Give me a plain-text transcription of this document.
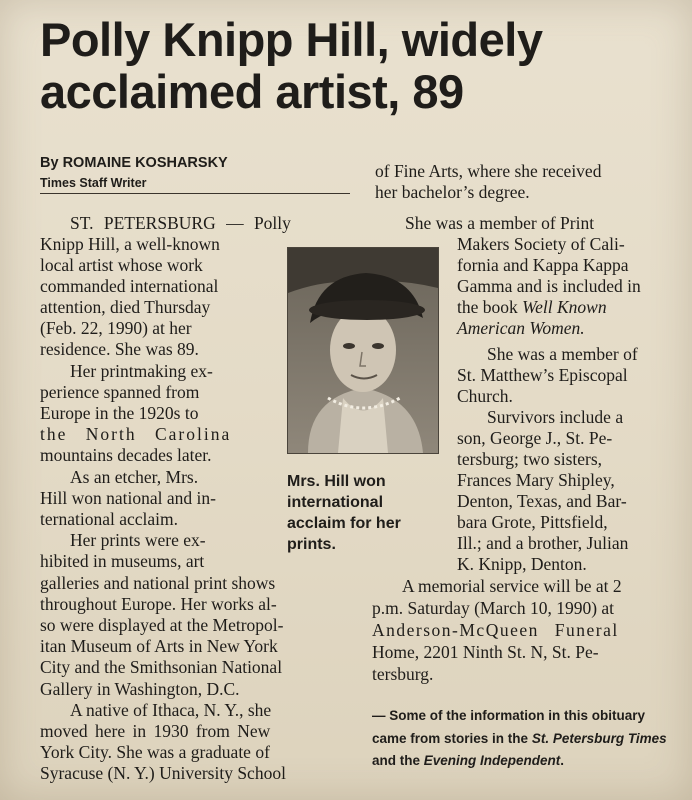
Polly Knipp Hill, widely
acclaimed artist, 89
By ROMAINE KOSHARSKY
Times Staff Writer
ST. PETERSBURG — Polly
Knipp Hill, a well-known
local artist whose work
commanded international
attention, died Thursday
(Feb. 22, 1990) at her
residence. She was 89.
Her printmaking ex-
perience spanned from
Europe in the 1920s to
the North Carolina
mountains decades later.
As an etcher, Mrs.
Hill won national and in-
ternational acclaim.
Her prints were ex-
hibited in museums, art
galleries and national print shows
throughout Europe. Her works al-
so were displayed at the Metropol-
itan Museum of Arts in New York
City and the Smithsonian National
Gallery in Washington, D.C.
A native of Ithaca, N. Y., she
moved here in 1930 from New
York City. She was a graduate of
Syracuse (N. Y.) University School
Mrs. Hill won international acclaim for her prints.
of Fine Arts, where she received
her bachelor’s degree.
She was a member of Print
Makers Society of Cali-
fornia and Kappa Kappa
Gamma and is included in
the book Well Known
American Women.
She was a member of
St. Matthew’s Episcopal
Church.
Survivors include a
son, George J., St. Pe-
tersburg; two sisters,
Frances Mary Shipley,
Denton, Texas, and Bar-
bara Grote, Pittsfield,
Ill.; and a brother, Julian
K. Knipp, Denton.
A memorial service will be at 2
p.m. Saturday (March 10, 1990) at
Anderson-McQueen Funeral
Home, 2201 Ninth St. N, St. Pe-
tersburg.
— Some of the information in this obituary came from stories in the St. Petersburg Times and the Evening Independent.
